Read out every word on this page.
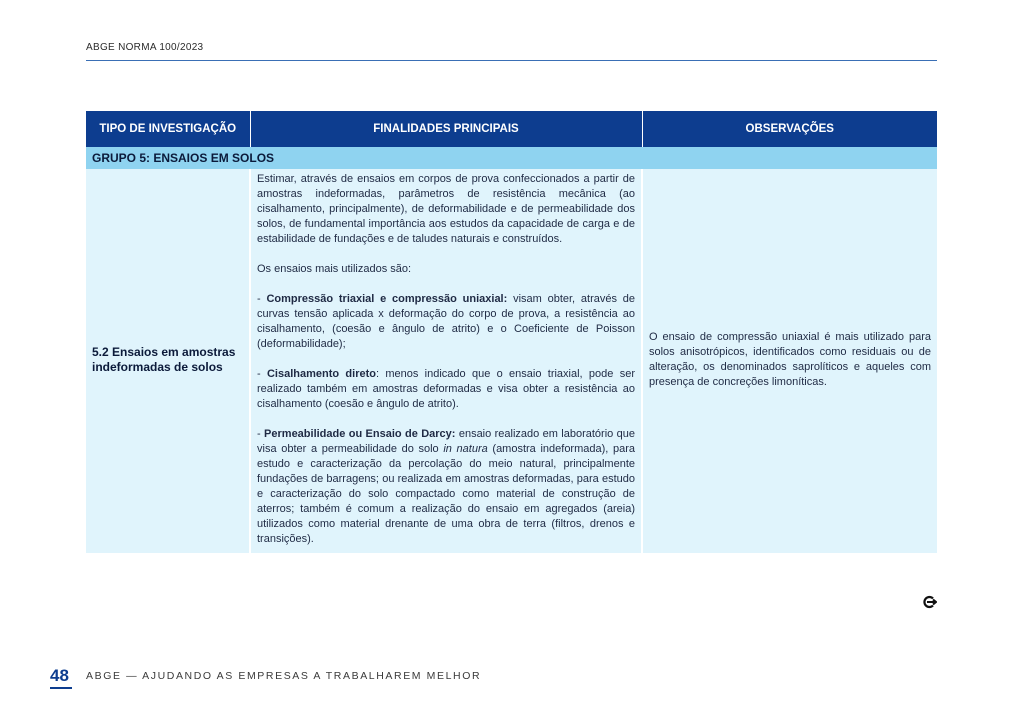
ABGE NORMA 100/2023
TIPO DE INVESTIGAÇÃO	FINALIDADES PRINCIPAIS	OBSERVAÇÕES
GRUPO 5: ENSAIOS EM SOLOS		
5.2 Ensaios em amostras indeformadas de solos	Estimar, através de ensaios em corpos de prova confeccionados a partir de amostras indeformadas, parâmetros de resistência mecânica (ao cisalhamento, principalmente), de deformabilidade e de permeabilidade dos solos, de fundamental importância aos estudos da capacidade de carga e de estabilidade de fundações e de taludes naturais e construídos.

Os ensaios mais utilizados são:

- Compressão triaxial e compressão uniaxial: visam obter, através de curvas tensão aplicada x deformação do corpo de prova, a resistência ao cisalhamento, (coesão e ângulo de atrito) e o Coeficiente de Poisson (deformabilidade);

- Cisalhamento direto: menos indicado que o ensaio triaxial, pode ser realizado também em amostras deformadas e visa obter a resistência ao cisalhamento (coesão e ângulo de atrito).

- Permeabilidade ou Ensaio de Darcy: ensaio realizado em laboratório que visa obter a permeabilidade do solo in natura (amostra indeformada), para estudo e caracterização da percolação do meio natural, principalmente fundações de barragens; ou realizada em amostras deformadas, para estudo e caracterização do solo compactado como material de construção de aterros; também é comum a realização do ensaio em agregados (areia) utilizados como material drenante de uma obra de terra (filtros, drenos e transições).	O ensaio de compressão uniaxial é mais utilizado para solos anisotrópicos, identificados como residuais ou de alteração, os denominados saprolíticos e aqueles com presença de concreções limoníticas.
48 ABGE — AJUDANDO AS EMPRESAS A TRABALHAREM MELHOR
